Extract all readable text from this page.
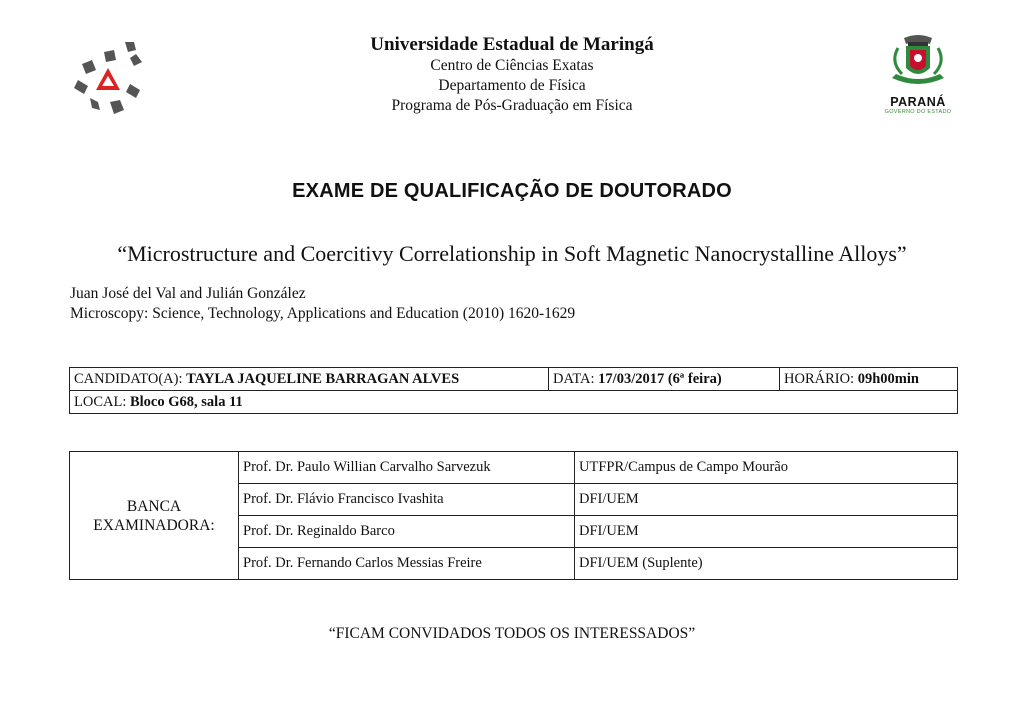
Universidade Estadual de Maringá
Centro de Ciências Exatas
Departamento de Física
Programa de Pós-Graduação em Física	PARANÁ
GOVERNO DO ESTADO
EXAME DE QUALIFICAÇÃO DE DOUTORADO
“Microstructure and Coercitivy Correlationship in Soft Magnetic Nanocrystalline Alloys”
Juan José del Val and Julián González
Microscopy: Science, Technology, Applications and Education (2010) 1620-1629
CANDIDATO(A): TAYLA JAQUELINE BARRAGAN ALVES	DATA: 17/03/2017 (6ª feira)	HORÁRIO: 09h00min
LOCAL: Bloco G68, sala 11
BANCA
EXAMINADORA:	Prof. Dr. Paulo Willian Carvalho Sarvezuk	UTFPR/Campus de Campo Mourão
	Prof. Dr. Flávio Francisco Ivashita	DFI/UEM
	Prof. Dr. Reginaldo Barco	DFI/UEM
	Prof. Dr. Fernando Carlos Messias Freire	DFI/UEM (Suplente)
“FICAM CONVIDADOS TODOS OS INTERESSADOS”
